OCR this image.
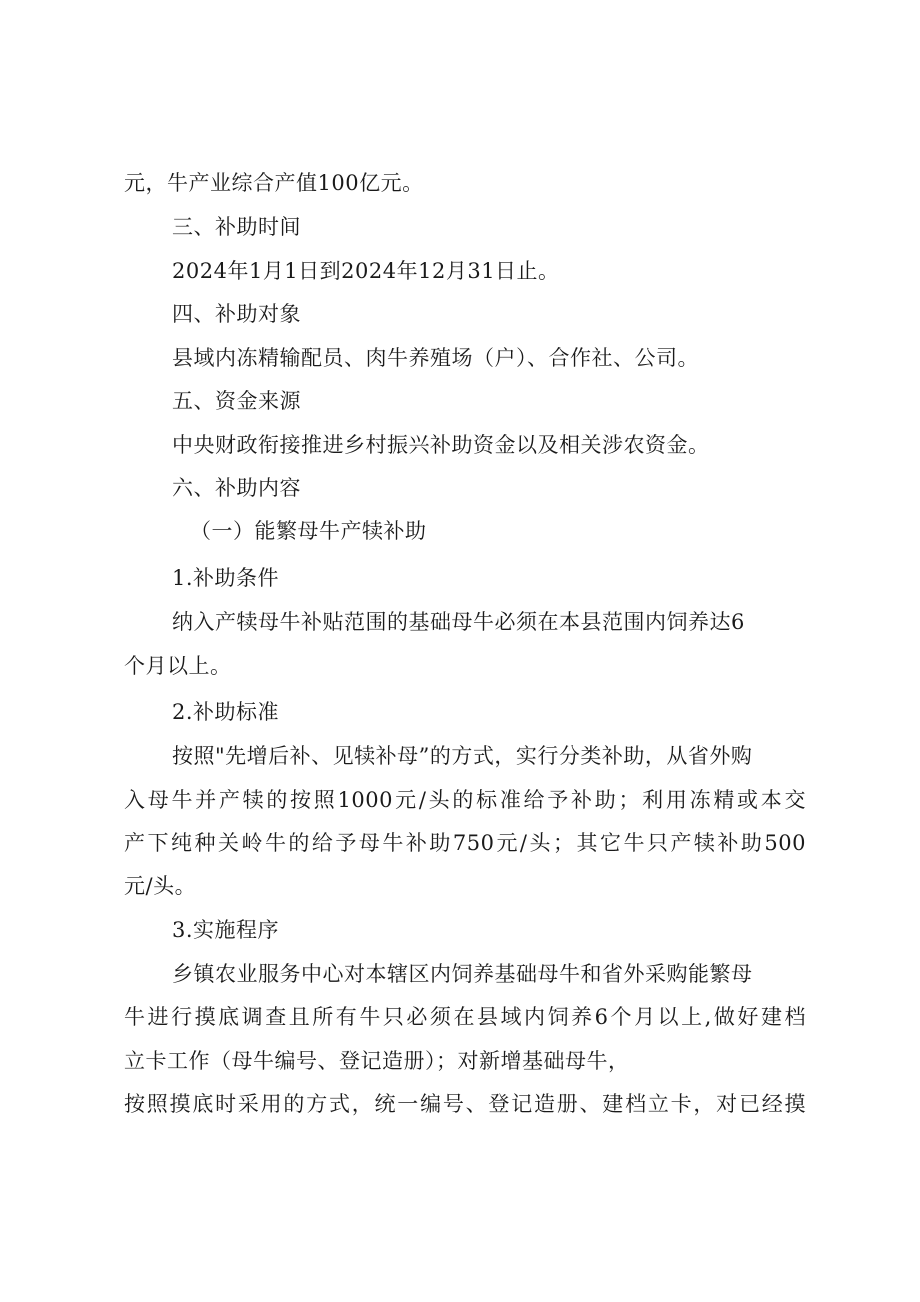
元，牛产业综合产值100亿元。
三、补助时间
2024年1月1日到2024年12月31日止。
四、补助对象
县域内冻精输配员、肉牛养殖场（户）、合作社、公司。
五、资金来源
中央财政衔接推进乡村振兴补助资金以及相关涉农资金。
六、补助内容
（一）能繁母牛产犊补助
1.补助条件
纳入产犊母牛补贴范围的基础母牛必须在本县范围内饲养达6
个月以上。
2.补助标准
按照"先增后补、见犊补母”的方式，实行分类补助，从省外购
入母牛并产犊的按照1000元/头的标准给予补助；利用冻精或本交
产下纯种关岭牛的给予母牛补助750元/头；其它牛只产犊补助500
元/头。
3.实施程序
乡镇农业服务中心对本辖区内饲养基础母牛和省外采购能繁母
牛进行摸底调查且所有牛只必须在县域内饲养6个月以上,做好建档
立卡工作（母牛编号、登记造册）；对新增基础母牛，
按照摸底时采用的方式，统一编号、登记造册、建档立卡，对已经摸
